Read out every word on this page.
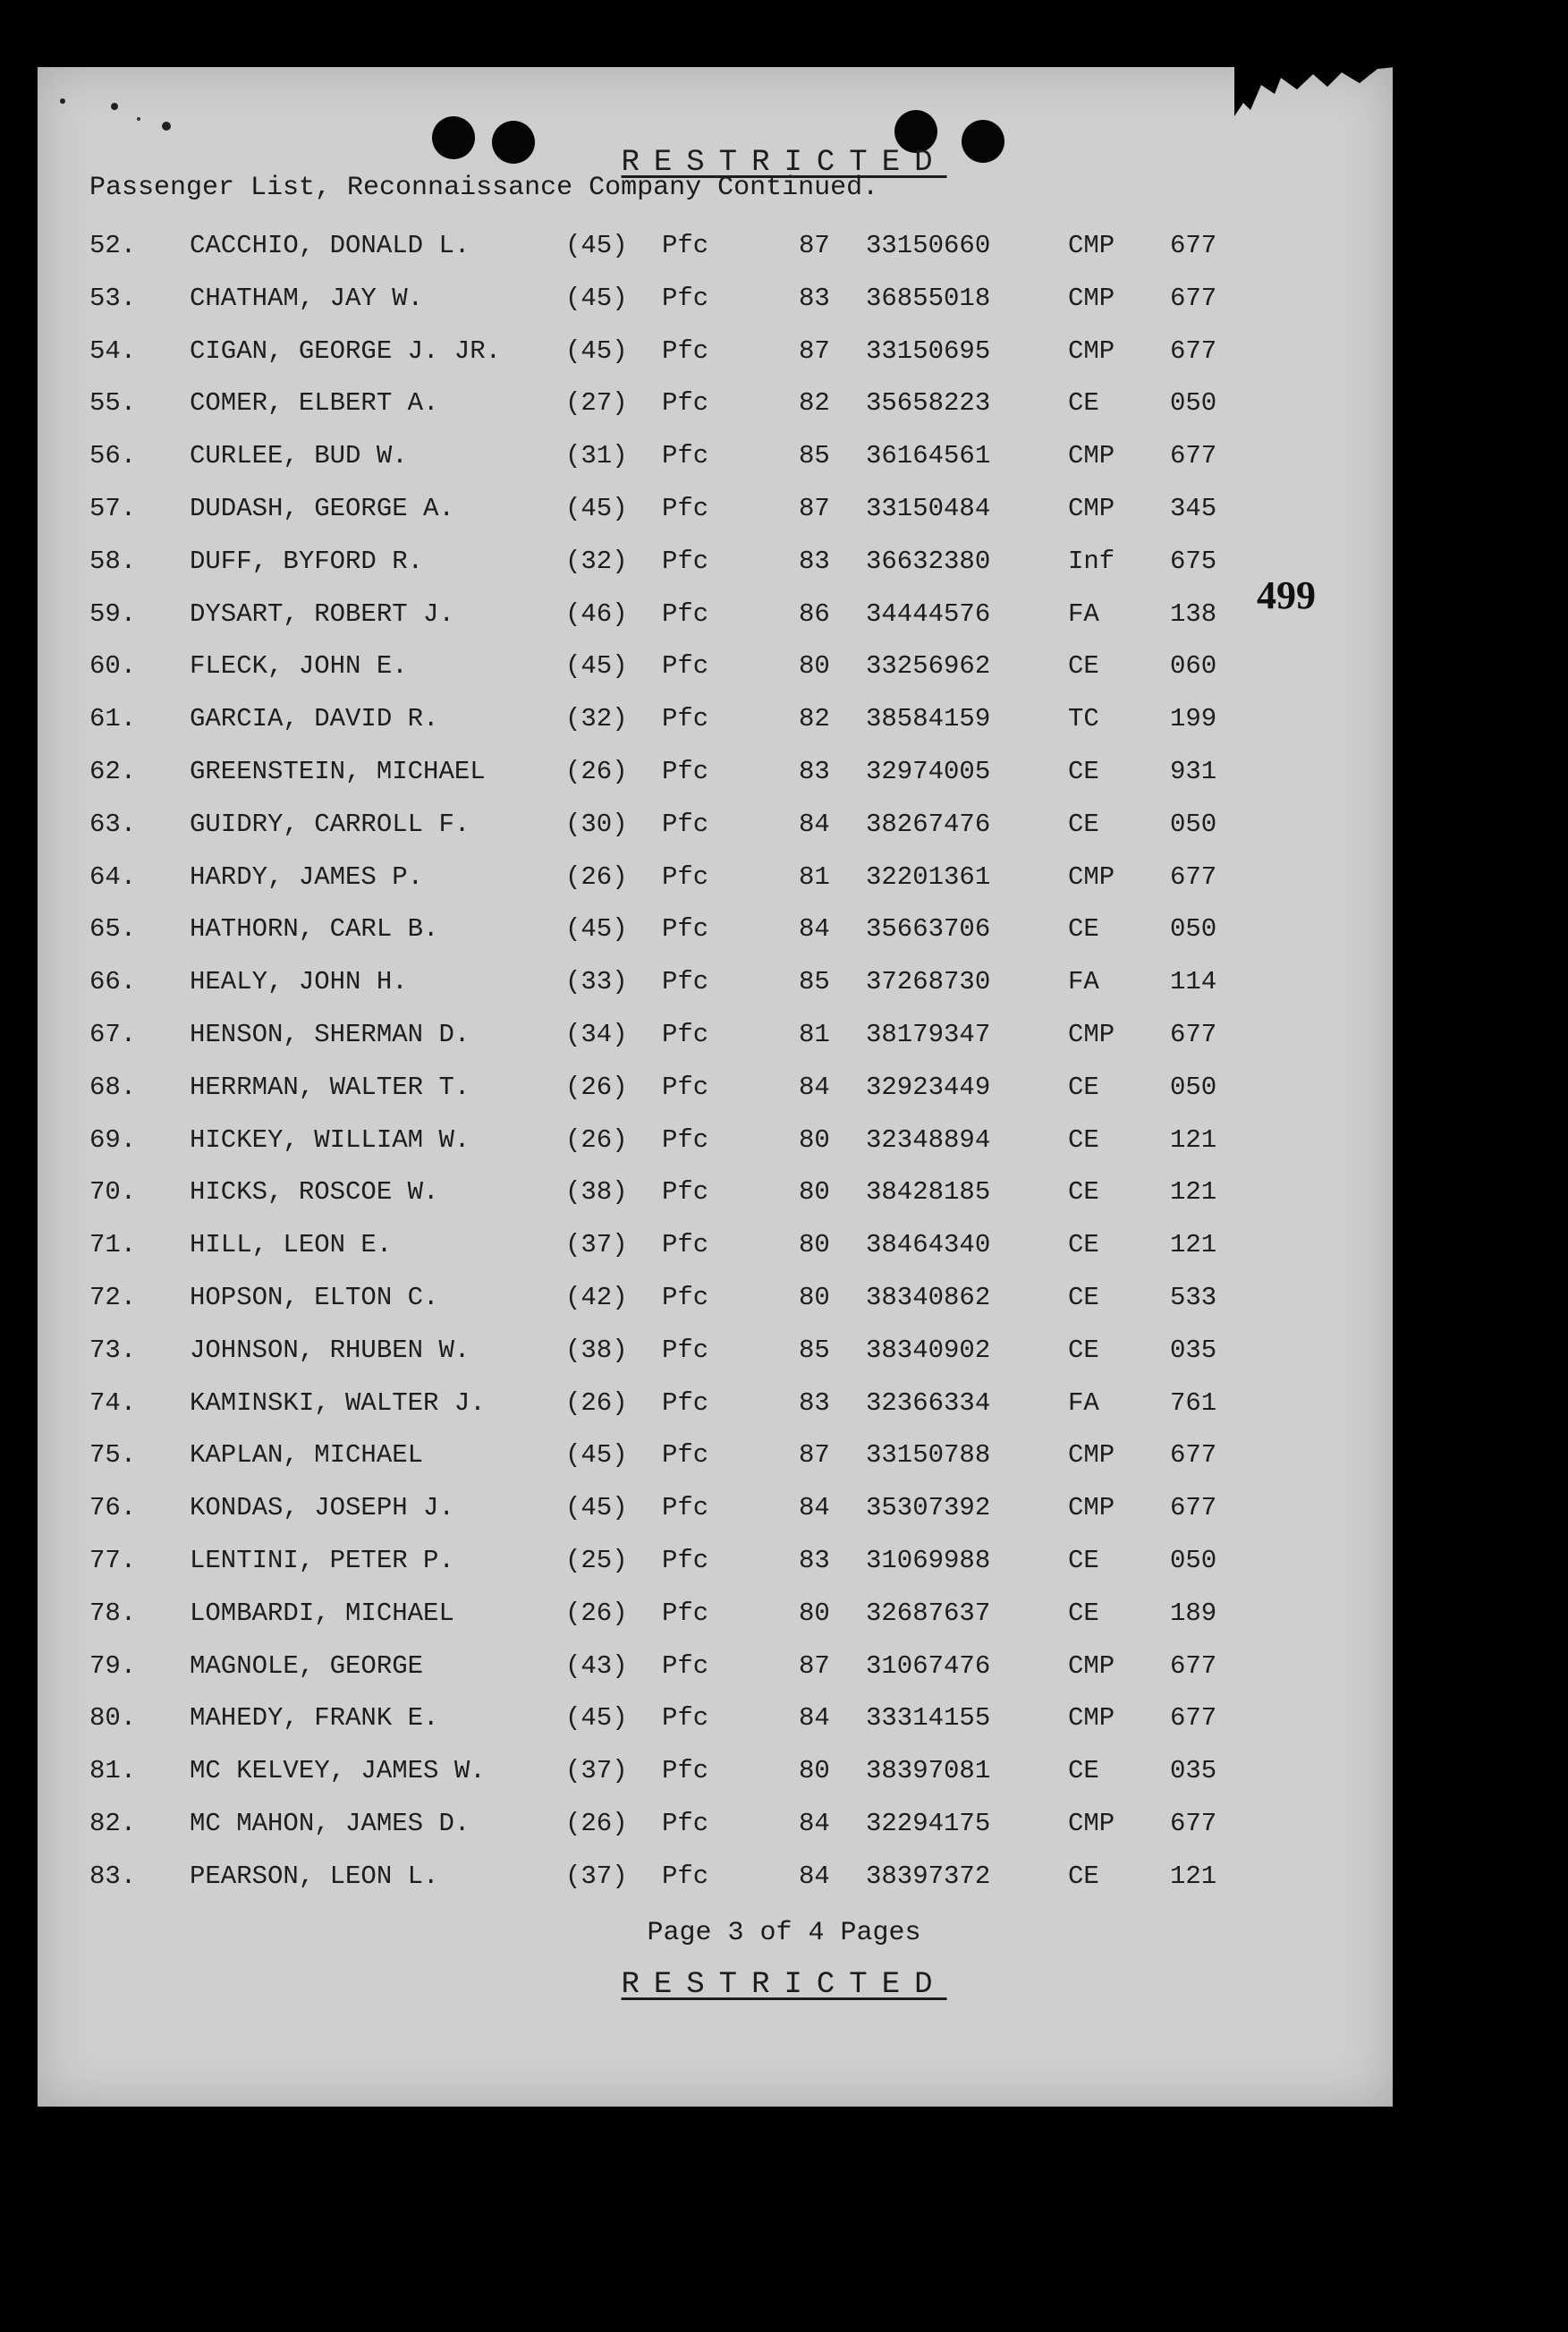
RESTRICTED
Passenger List, Reconnaissance Company Continued.
499
52. CACCHIO, DONALD L.	(45) Pfc	87 33150660	CMP 677
53. CHATHAM, JAY W.	(45) Pfc	83 36855018	CMP 677
54. CIGAN, GEORGE J. JR. (45) Pfc	87 33150695	CMP 677
55. COMER, ELBERT A.	(27) Pfc	82 35658223	CE	050
56. CURLEE, BUD W.	(31) Pfc	85 36164561	CMP 677
57. DUDASH, GEORGE A.	(45) Pfc	87 33150484	CMP 345
58. DUFF, BYFORD R.	(32) Pfc	83 36632380	Inf 675
59. DYSART, ROBERT J.	(46) Pfc	86 34444576	FA	138
60. FLECK, JOHN E.	(45) Pfc	80 33256962	CE	060
61. GARCIA, DAVID R.	(32) Pfc	82 38584159	TC	199
62. GREENSTEIN, MICHAEL	(26) Pfc	83 32974005	CE	931
63. GUIDRY, CARROLL F.	(30) Pfc	84 38267476	CE	050
64. HARDY, JAMES P.	(26) Pfc	81 32201361	CMP 677
65. HATHORN, CARL B.	(45) Pfc	84 35663706	CE	050
66. HEALY, JOHN H.	(33) Pfc	85 37268730	FA	114
67. HENSON, SHERMAN D.	(34) Pfc	81 38179347	CMP 677
68. HERRMAN, WALTER T.	(26) Pfc	84 32923449	CE	050
69. HICKEY, WILLIAM W.	(26) Pfc	80 32348894	CE	121
70. HICKS, ROSCOE W.	(38) Pfc	80 38428185	CE	121
71. HILL, LEON E.	(37) Pfc	80 38464340	CE	121
72. HOPSON, ELTON C.	(42) Pfc	80 38340862	CE	533
73. JOHNSON, RHUBEN W.	(38) Pfc	85 38340902	CE	035
74. KAMINSKI, WALTER J.	(26) Pfc	83 32366334	FA	761
75. KAPLAN, MICHAEL	(45) Pfc	87 33150788	CMP 677
76. KONDAS, JOSEPH J.	(45) Pfc	84 35307392	CMP 677
77. LENTINI, PETER P.	(25) Pfc	83 31069988	CE	050
78. LOMBARDI, MICHAEL	(26) Pfc	80 32687637	CE	189
79. MAGNOLE, GEORGE	(43) Pfc	87 31067476	CMP 677
80. MAHEDY, FRANK E.	(45) Pfc	84 33314155	CMP 677
81. MC KELVEY, JAMES W.	(37) Pfc	80 38397081	CE	035
82. MC MAHON, JAMES D.	(26) Pfc	84 32294175	CMP 677
83. PEARSON, LEON L.	(37) Pfc	84 38397372	CE	121
Page 3 of 4 Pages
RESTRICTED
